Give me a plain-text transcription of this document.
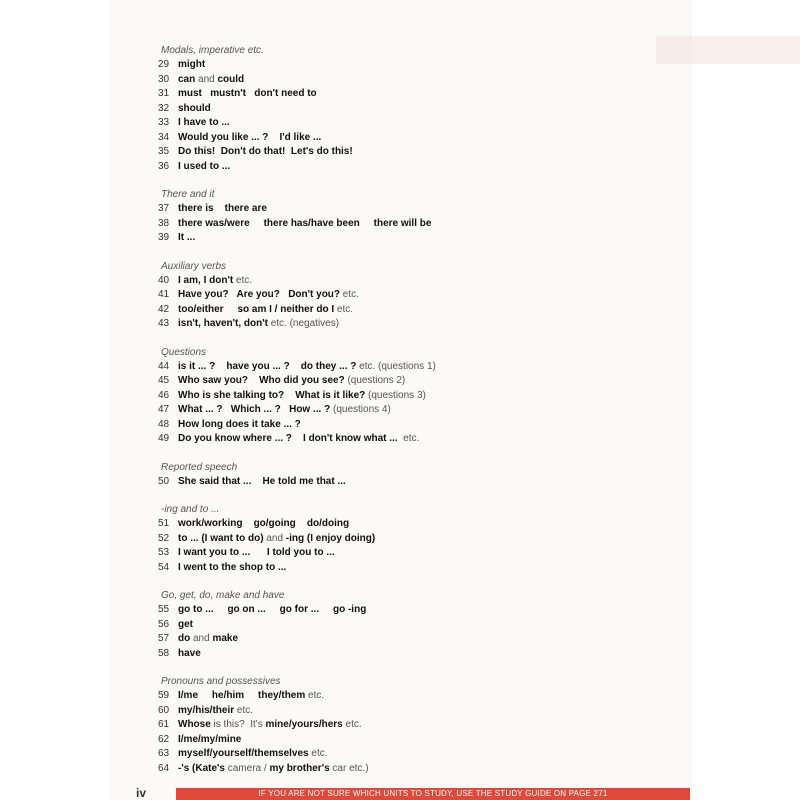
Modals, imperative etc.
29 might
30 can and could
31 must   mustn't   don't need to
32 should
33 I have to ...
34 Would you like ... ?    I'd like ...
35 Do this!  Don't do that!  Let's do this!
36 I used to ...
There and it
37 there is    there are
38 there was/were     there has/have been     there will be
39 It ...
Auxiliary verbs
40 I am, I don't etc.
41 Have you?   Are you?   Don't you? etc.
42 too/either     so am I / neither do I etc.
43 isn't, haven't, don't etc. (negatives)
Questions
44 is it ... ?    have you ... ?    do they ... ? etc. (questions 1)
45 Who saw you?    Who did you see? (questions 2)
46 Who is she talking to?    What is it like? (questions 3)
47 What ... ?   Which ... ?   How ... ? (questions 4)
48 How long does it take ... ?
49 Do you know where ... ?    I don't know what ...  etc.
Reported speech
50 She said that ...    He told me that ...
-ing and to ...
51 work/working    go/going    do/doing
52 to ... (I want to do) and -ing (I enjoy doing)
53 I want you to ...      I told you to ...
54 I went to the shop to ...
Go, get, do, make and have
55 go to ...     go on ...     go for ...     go -ing
56 get
57 do and make
58 have
Pronouns and possessives
59 I/me     he/him     they/them etc.
60 my/his/their etc.
61 Whose is this?  It's mine/yours/hers etc.
62 I/me/my/mine
63 myself/yourself/themselves etc.
64 -'s (Kate's camera / my brother's car etc.)
iv	IF YOU ARE NOT SURE WHICH UNITS TO STUDY, USE THE STUDY GUIDE ON PAGE 271
